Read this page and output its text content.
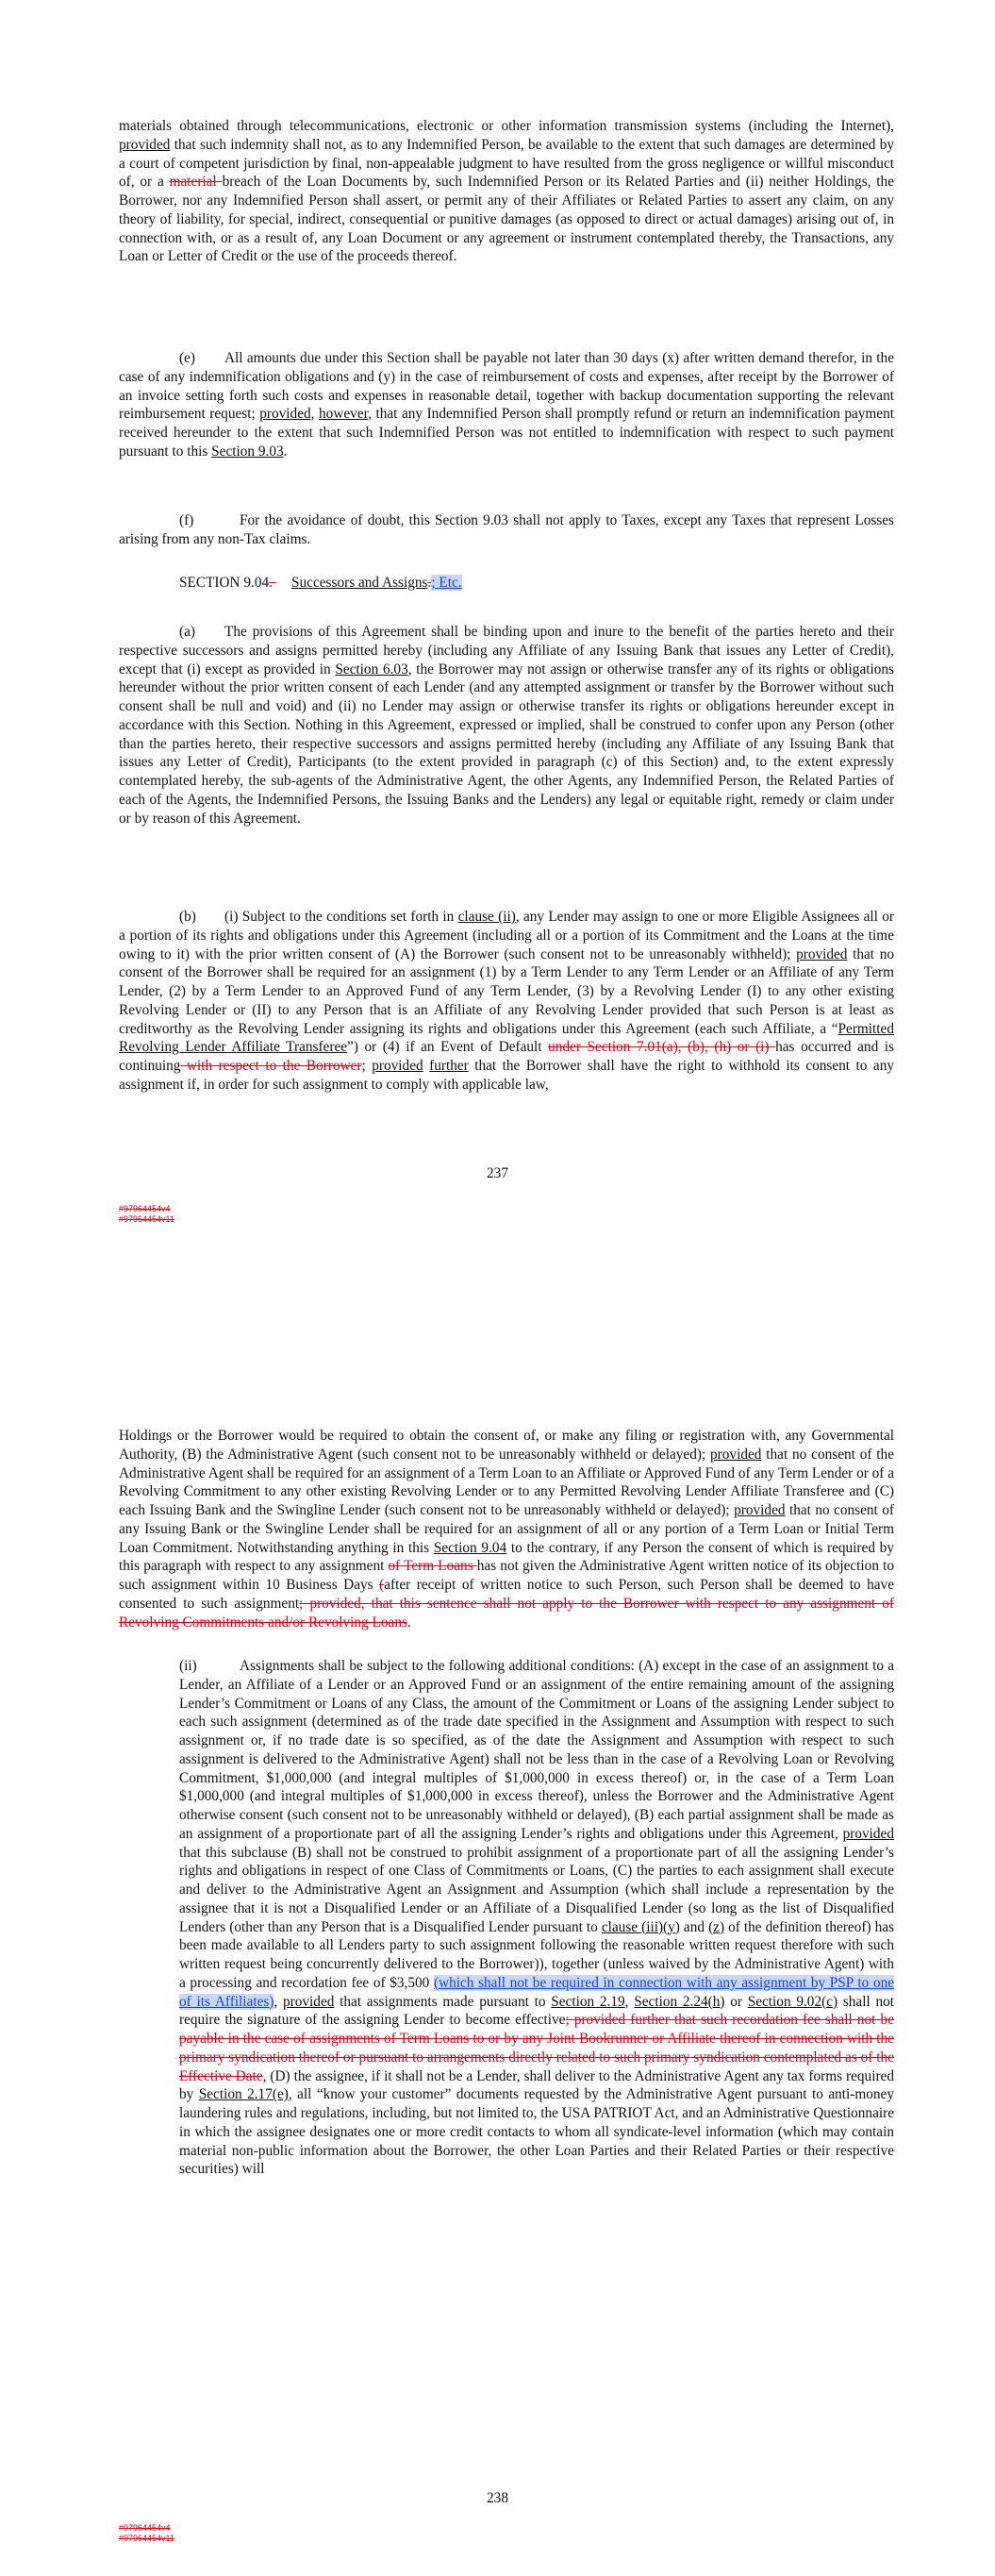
materials obtained through telecommunications, electronic or other information transmission systems (including the Internet), provided that such indemnity shall not, as to any Indemnified Person, be available to the extent that such damages are determined by a court of competent jurisdiction by final, non-appealable judgment to have resulted from the gross negligence or willful misconduct of, or a material breach of the Loan Documents by, such Indemnified Person or its Related Parties and (ii) neither Holdings, the Borrower, nor any Indemnified Person shall assert, or permit any of their Affiliates or Related Parties to assert any claim, on any theory of liability, for special, indirect, consequential or punitive damages (as opposed to direct or actual damages) arising out of, in connection with, or as a result of, any Loan Document or any agreement or instrument contemplated thereby, the Transactions, any Loan or Letter of Credit or the use of the proceeds thereof.

(e) All amounts due under this Section shall be payable not later than 30 days (x) after written demand therefor, in the case of any indemnification obligations and (y) in the case of reimbursement of costs and expenses, after receipt by the Borrower of an invoice setting forth such costs and expenses in reasonable detail, together with backup documentation supporting the relevant reimbursement request; provided, however, that any Indemnified Person shall promptly refund or return an indemnification payment received hereunder to the extent that such Indemnified Person was not entitled to indemnification with respect to such payment pursuant to this Section 9.03.

(f)	For the avoidance of doubt, this Section 9.03 shall not apply to Taxes, except any Taxes that represent Losses arising from any non-Tax claims.

SECTION 9.04. Successors and Assigns.; Etc.

(a) The provisions of this Agreement shall be binding upon and inure to the benefit of the parties hereto and their respective successors and assigns permitted hereby (including any Affiliate of any Issuing Bank that issues any Letter of Credit), except that (i) except as provided in Section 6.03, the Borrower may not assign or otherwise transfer any of its rights or obligations hereunder without the prior written consent of each Lender (and any attempted assignment or transfer by the Borrower without such consent shall be null and void) and (ii) no Lender may assign or otherwise transfer its rights or obligations hereunder except in accordance with this Section. Nothing in this Agreement, expressed or implied, shall be construed to confer upon any Person (other than the parties hereto, their respective successors and assigns permitted hereby (including any Affiliate of any Issuing Bank that issues any Letter of Credit), Participants (to the extent provided in paragraph (c) of this Section) and, to the extent expressly contemplated hereby, the sub-agents of the Administrative Agent, the other Agents, any Indemnified Person, the Related Parties of each of the Agents, the Indemnified Persons, the Issuing Banks and the Lenders) any legal or equitable right, remedy or claim under or by reason of this Agreement.

(b) (i) Subject to the conditions set forth in clause (ii), any Lender may assign to one or more Eligible Assignees all or a portion of its rights and obligations under this Agreement (including all or a portion of its Commitment and the Loans at the time owing to it) with the prior written consent of (A) the Borrower (such consent not to be unreasonably withheld); provided that no consent of the Borrower shall be required for an assignment (1) by a Term Lender to any Term Lender or an Affiliate of any Term Lender, (2) by a Term Lender to an Approved Fund of any Term Lender, (3) by a Revolving Lender (I) to any other existing Revolving Lender or (II) to any Person that is an Affiliate of any Revolving Lender provided that such Person is at least as creditworthy as the Revolving Lender assigning its rights and obligations under this Agreement (each such Affiliate, a “Permitted Revolving Lender Affiliate Transferee”) or (4) if an Event of Default under Section 7.01(a), (b), (h) or (i) has occurred and is continuing with respect to the Borrower; provided further that the Borrower shall have the right to withhold its consent to any assignment if, in order for such assignment to comply with applicable law,

237
#97964454v4
#97964454v11

Holdings or the Borrower would be required to obtain the consent of, or make any filing or registration with, any Governmental Authority, (B) the Administrative Agent (such consent not to be unreasonably withheld or delayed); provided that no consent of the Administrative Agent shall be required for an assignment of a Term Loan to an Affiliate or Approved Fund of any Term Lender or of a Revolving Commitment to any other existing Revolving Lender or to any Permitted Revolving Lender Affiliate Transferee and (C) each Issuing Bank and the Swingline Lender (such consent not to be unreasonably withheld or delayed); provided that no consent of any Issuing Bank or the Swingline Lender shall be required for an assignment of all or any portion of a Term Loan or Initial Term Loan Commitment. Notwithstanding anything in this Section 9.04 to the contrary, if any Person the consent of which is required by this paragraph with respect to any assignment of Term Loans has not given the Administrative Agent written notice of its objection to such assignment within 10 Business Days (after receipt of written notice to such Person, such Person shall be deemed to have consented to such assignment; provided, that this sentence shall not apply to the Borrower with respect to any assignment of Revolving Commitments and/or Revolving Loans.

(ii)	Assignments shall be subject to the following additional conditions: (A) except in the case of an assignment to a Lender, an Affiliate of a Lender or an Approved Fund or an assignment of the entire remaining amount of the assigning Lender’s Commitment or Loans of any Class, the amount of the Commitment or Loans of the assigning Lender subject to each such assignment (determined as of the trade date specified in the Assignment and Assumption with respect to such assignment or, if no trade date is so specified, as of the date the Assignment and Assumption with respect to such assignment is delivered to the Administrative Agent) shall not be less than in the case of a Revolving Loan or Revolving Commitment, $1,000,000 (and integral multiples of $1,000,000 in excess thereof) or, in the case of a Term Loan $1,000,000 (and integral multiples of $1,000,000 in excess thereof), unless the Borrower and the Administrative Agent otherwise consent (such consent not to be unreasonably withheld or delayed), (B) each partial assignment shall be made as an assignment of a proportionate part of all the assigning Lender’s rights and obligations under this Agreement, provided that this subclause (B) shall not be construed to prohibit assignment of a proportionate part of all the assigning Lender’s rights and obligations in respect of one Class of Commitments or Loans, (C) the parties to each assignment shall execute and deliver to the Administrative Agent an Assignment and Assumption (which shall include a representation by the assignee that it is not a Disqualified Lender or an Affiliate of a Disqualified Lender (so long as the list of Disqualified Lenders (other than any Person that is a Disqualified Lender pursuant to clause (iii)(y) and (z) of the definition thereof) has been made available to all Lenders party to such assignment following the reasonable written request therefore with such written request being concurrently delivered to the Borrower)), together (unless waived by the Administrative Agent) with a processing and recordation fee of $3,500 (which shall not be required in connection with any assignment by PSP to one of its Affiliates), provided that assignments made pursuant to Section 2.19, Section 2.24(h) or Section 9.02(c) shall not require the signature of the assigning Lender to become effective; provided further that such recordation fee shall not be payable in the case of assignments of Term Loans to or by any Joint Bookrunner or Affiliate thereof in connection with the primary syndication thereof or pursuant to arrangements directly related to such primary syndication contemplated as of the Effective Date, (D) the assignee, if it shall not be a Lender, shall deliver to the Administrative Agent any tax forms required by Section 2.17(e), all “know your customer” documents requested by the Administrative Agent pursuant to anti-money laundering rules and regulations, including, but not limited to, the USA PATRIOT Act, and an Administrative Questionnaire in which the assignee designates one or more credit contacts to whom all syndicate-level information (which may contain material non-public information about the Borrower, the other Loan Parties and their Related Parties or their respective securities) will

238
#97964454v4
#97964454v11
